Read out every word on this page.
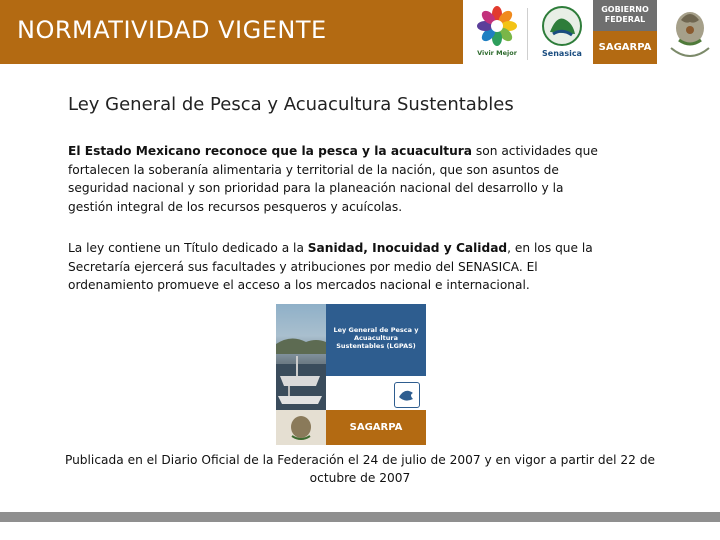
NORMATIVIDAD VIGENTE
Vivir Mejor	Senasica
GOBIERNO FEDERAL
SAGARPA
Ley General de Pesca y Acuacultura Sustentables
El Estado Mexicano reconoce que la pesca y la acuacultura son actividades que fortalecen la soberanía alimentaria y territorial de la nación, que son asuntos de seguridad nacional y son prioridad para la planeación nacional del desarrollo y la gestión integral de los recursos pesqueros y acuícolas.
La ley contiene un Título dedicado a la Sanidad, Inocuidad y Calidad, en los que la Secretaría ejercerá sus facultades y atribuciones por medio del SENASICA. El ordenamiento promueve el acceso a los mercados nacional e internacional.
Ley General de Pesca y Acuacultura Sustentables (LGPAS)
SAGARPA
Publicada en el Diario Oficial de la Federación el 24 de julio de 2007 y en vigor a partir del 22 de octubre de 2007
